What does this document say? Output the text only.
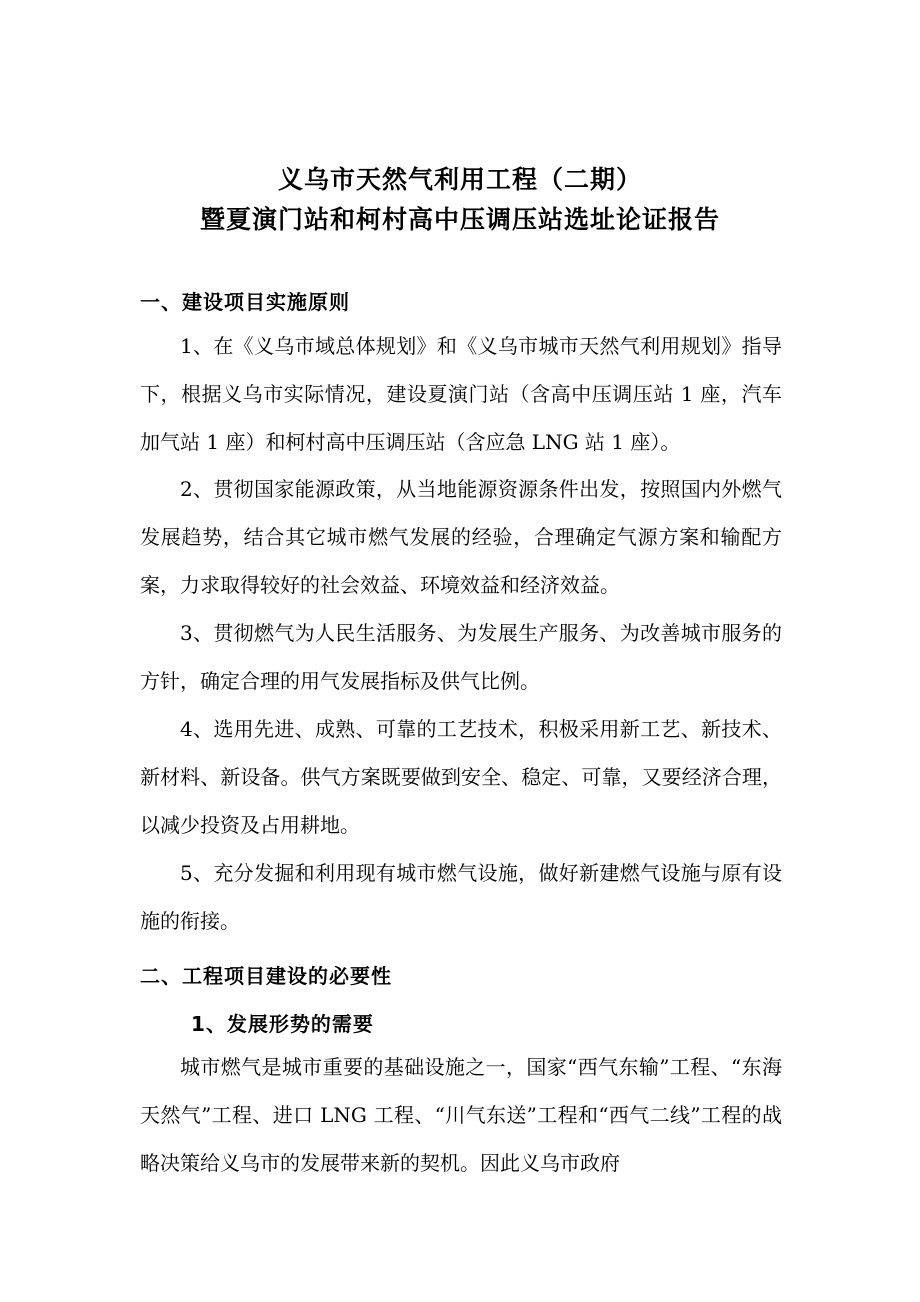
义乌市天然气利用工程（二期）
暨夏演门站和柯村高中压调压站选址论证报告
一、建设项目实施原则
1、在《义乌市域总体规划》和《义乌市城市天然气利用规划》指导下，根据义乌市实际情况，建设夏演门站（含高中压调压站 1 座，汽车加气站 1 座）和柯村高中压调压站（含应急 LNG 站 1 座）。
2、贯彻国家能源政策，从当地能源资源条件出发，按照国内外燃气发展趋势，结合其它城市燃气发展的经验，合理确定气源方案和输配方案，力求取得较好的社会效益、环境效益和经济效益。
3、贯彻燃气为人民生活服务、为发展生产服务、为改善城市服务的方针，确定合理的用气发展指标及供气比例。
4、选用先进、成熟、可靠的工艺技术，积极采用新工艺、新技术、新材料、新设备。供气方案既要做到安全、稳定、可靠，又要经济合理，以减少投资及占用耕地。
5、充分发掘和利用现有城市燃气设施，做好新建燃气设施与原有设施的衔接。
二、工程项目建设的必要性
1、发展形势的需要
城市燃气是城市重要的基础设施之一，国家“西气东输”工程、“东海天然气”工程、进口 LNG 工程、“川气东送”工程和“西气二线”工程的战略决策给义乌市的发展带来新的契机。因此义乌市政府
